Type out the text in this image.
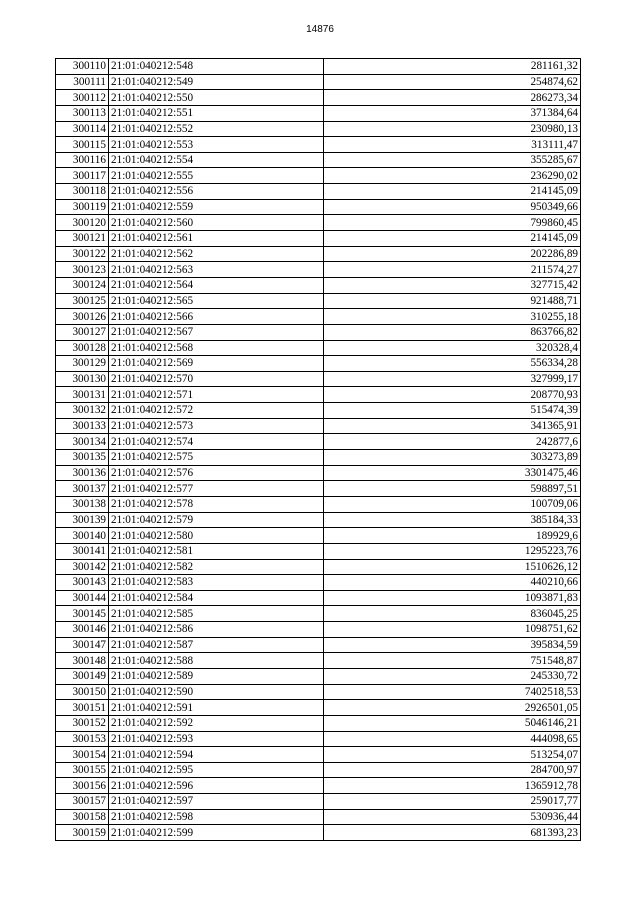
14876
300110	21:01:040212:548	281161,32
300111	21:01:040212:549	254874,62
300112	21:01:040212:550	286273,34
300113	21:01:040212:551	371384,64
300114	21:01:040212:552	230980,13
300115	21:01:040212:553	313111,47
300116	21:01:040212:554	355285,67
300117	21:01:040212:555	236290,02
300118	21:01:040212:556	214145,09
300119	21:01:040212:559	950349,66
300120	21:01:040212:560	799860,45
300121	21:01:040212:561	214145,09
300122	21:01:040212:562	202286,89
300123	21:01:040212:563	211574,27
300124	21:01:040212:564	327715,42
300125	21:01:040212:565	921488,71
300126	21:01:040212:566	310255,18
300127	21:01:040212:567	863766,82
300128	21:01:040212:568	320328,4
300129	21:01:040212:569	556334,28
300130	21:01:040212:570	327999,17
300131	21:01:040212:571	208770,93
300132	21:01:040212:572	515474,39
300133	21:01:040212:573	341365,91
300134	21:01:040212:574	242877,6
300135	21:01:040212:575	303273,89
300136	21:01:040212:576	3301475,46
300137	21:01:040212:577	598897,51
300138	21:01:040212:578	100709,06
300139	21:01:040212:579	385184,33
300140	21:01:040212:580	189929,6
300141	21:01:040212:581	1295223,76
300142	21:01:040212:582	1510626,12
300143	21:01:040212:583	440210,66
300144	21:01:040212:584	1093871,83
300145	21:01:040212:585	836045,25
300146	21:01:040212:586	1098751,62
300147	21:01:040212:587	395834,59
300148	21:01:040212:588	751548,87
300149	21:01:040212:589	245330,72
300150	21:01:040212:590	7402518,53
300151	21:01:040212:591	2926501,05
300152	21:01:040212:592	5046146,21
300153	21:01:040212:593	444098,65
300154	21:01:040212:594	513254,07
300155	21:01:040212:595	284700,97
300156	21:01:040212:596	1365912,78
300157	21:01:040212:597	259017,77
300158	21:01:040212:598	530936,44
300159	21:01:040212:599	681393,23
